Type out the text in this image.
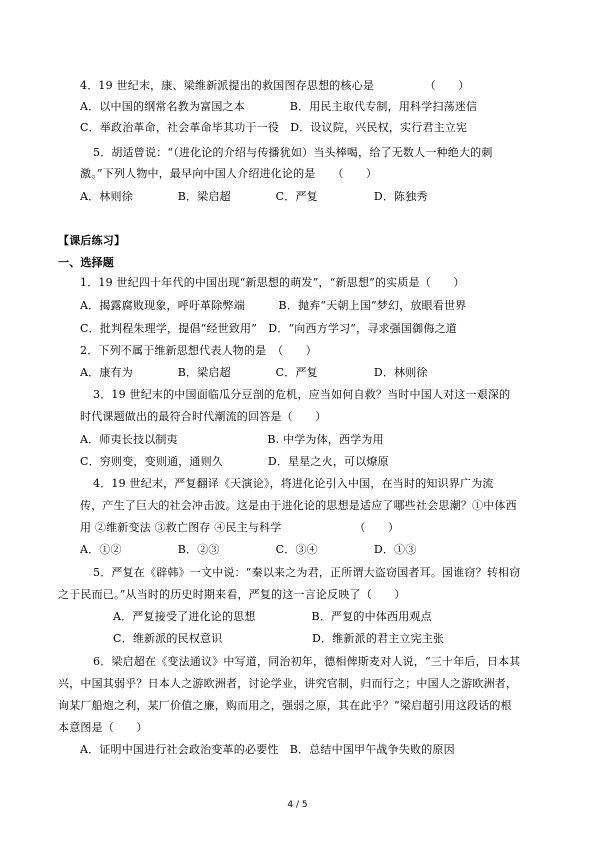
4．19 世纪末，康、梁维新派提出的救国图存思想的核心是　　　　　（　　）
A．以中国的纲常名教为富国之本　　　　B．用民主取代专制，用科学扫荡迷信
C．举政治革命，社会革命毕其功于一役　D．设议院，兴民权，实行君主立宪
5．胡适曾说：“（进化论的介绍与传播犹如）当头棒喝，给了无数人一种绝大的刺
激。”下列人物中，最早向中国人介绍进化论的是　　（　　）
A．林则徐　　　　B．梁启超　　　　C．严复　　　　　D．陈独秀
【课后练习】
一、选择题
1．19 世纪四十年代的中国出现“新思想的萌发”，“新思想”的实质是（　　）
A．揭露腐败现象，呼吁革除弊端　　　B．抛弃“天朝上国”梦幻，放眼看世界
C．批判程朱理学，提倡“经世致用”　D．“向西方学习”，寻求强国御侮之道
2．下列不属于维新思想代表人物的是　（　　）
A．康有为　　　　B．梁启超　　　　C．严复　　　　　D．林则徐
3．19 世纪末的中国面临瓜分豆剖的危机，应当如何自救？当时中国人对这一艰深的
时代课题做出的最符合时代潮流的回答是（　　）
A．师夷长技以制夷　　　　　　　　B. 中学为体，西学为用
C．穷则变，变则通，通则久　　　　D．星星之火，可以燎原
4．19 世纪末，严复翻译《天演论》，将进化论引入中国，在当时的知识界广为流
传，产生了巨大的社会冲击波。这是由于进化论的思想是适应了哪些社会思潮？①中体西
用 ②维新变法 ③救亡图存 ④民主与科学　　　　　　　（　　）
A．①②　　　　　B．②③　　　　　C．③④　　　　　D．①③
5．严复在《辟韩》一文中说：“秦以来之为君，正所谓大盗窃国者耳。国谁窃？转相窃
之于民而已。”从当时的历史时期来看，严复的这一言论反映了（　　）
A．严复接受了进化论的思想　　　　　B．严复的中体西用观点
C．维新派的民权意识　　　　　　　　D．维新派的君主立宪主张
6．梁启超在《变法通议》中写道，同治初年，德相俾斯麦对人说，“三十年后，日本其
兴，中国其弱乎？日本人之游欧洲者，讨论学业，讲究官制，归而行之；中国人之游欧洲者，
询某厂船炮之利，某厂价值之廉，购而用之，强弱之原，其在此乎？”梁启超引用这段话的根
本意图是（　　）
A．证明中国进行社会政治变革的必要性　B．总结中国甲午战争失败的原因
4 / 5
